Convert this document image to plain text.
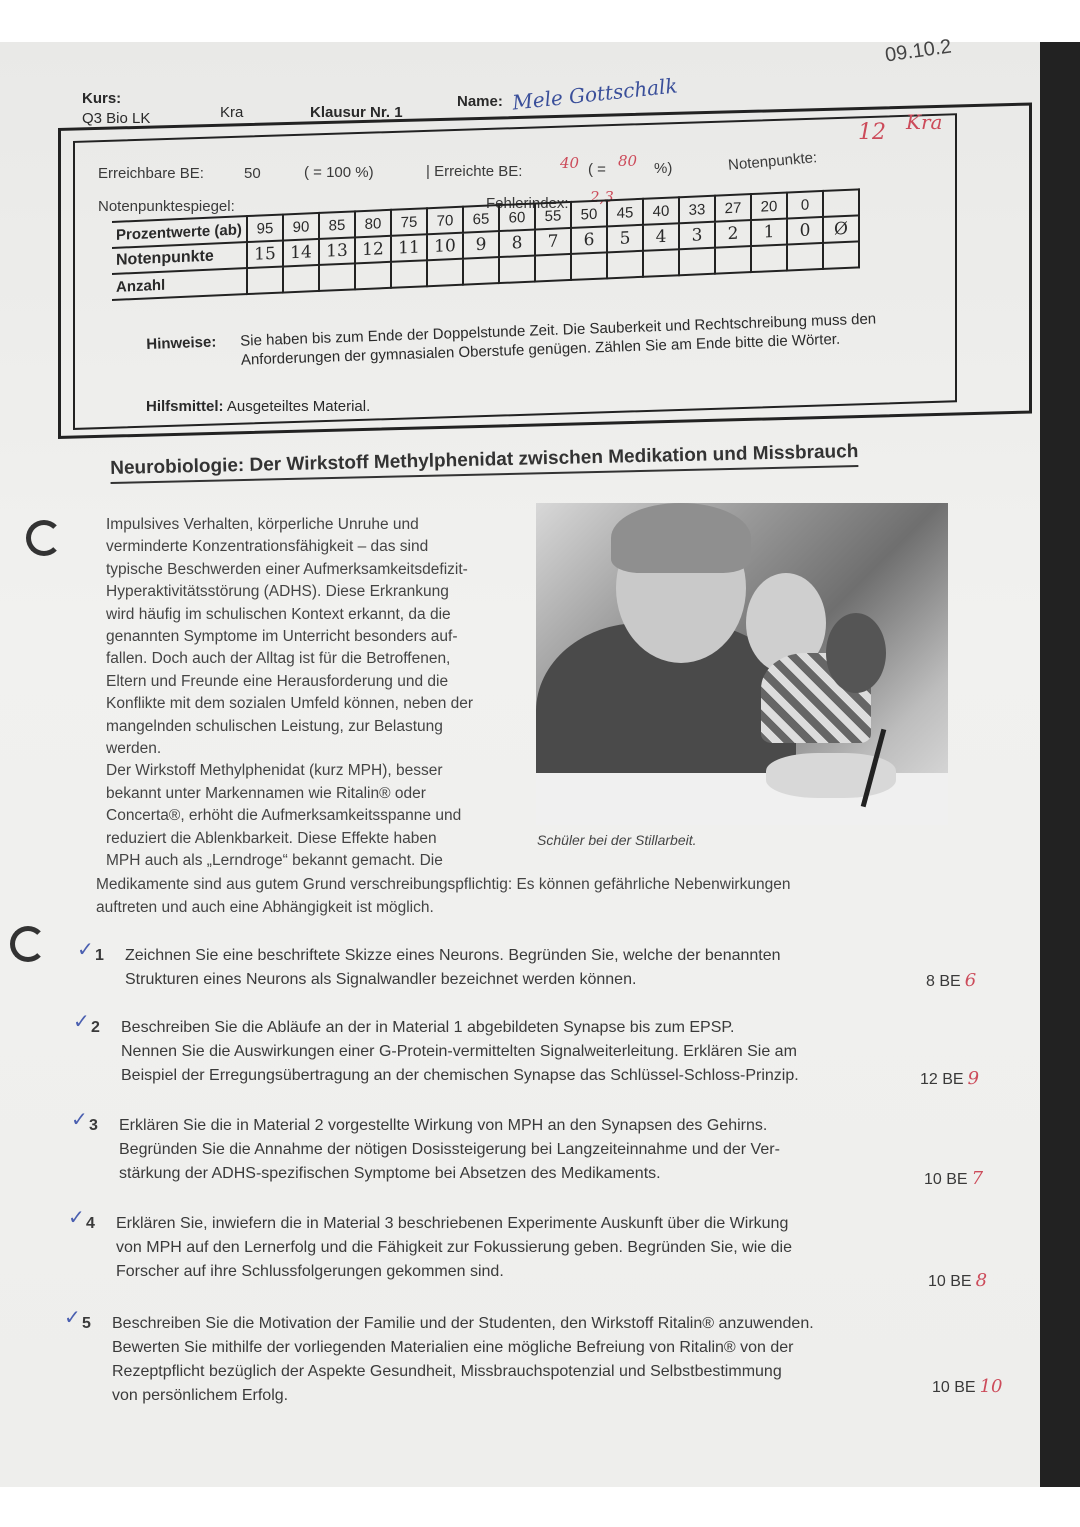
09.10.2
Kurs:
Q3 Bio LK	Kra	Klausur Nr. 1
Name: Mele Gottschalk
Erreichbare BE:	50	( = 100 %)	| Erreichte BE:	40 ( = 80 %)	Notenpunkte:
12 Kra
Notenpunktespiegel:	Fehlerindex: 2,3
Prozentwerte (ab)	95	90	85	80	75	70	65	60	55	50	45	40	33	27	20	0	
Notenpunkte	15	14	13	12	11	10	9	8	7	6	5	4	3	2	1	0	Ø
Anzahl																	
Hinweise: Sie haben bis zum Ende der Doppelstunde Zeit. Die Sauberkeit und Rechtschreibung muss den Anforderungen der gymnasialen Oberstufe genügen. Zählen Sie am Ende bitte die Wörter.
Hilfsmittel: Ausgeteiltes Material.
Neurobiologie: Der Wirkstoff Methylphenidat zwischen Medikation und Missbrauch
Impulsives Verhalten, körperliche Unruhe und
verminderte Konzentrationsfähigkeit – das sind
typische Beschwerden einer Aufmerksamkeitsdefizit-
Hyperaktivitätsstörung (ADHS). Diese Erkrankung
wird häufig im schulischen Kontext erkannt, da die
genannten Symptome im Unterricht besonders auf-
fallen. Doch auch der Alltag ist für die Betroffenen,
Eltern und Freunde eine Herausforderung und die
Konflikte mit dem sozialen Umfeld können, neben der
mangelnden schulischen Leistung, zur Belastung
werden.
Der Wirkstoff Methylphenidat (kurz MPH), besser
bekannt unter Markennamen wie Ritalin® oder
Concerta®, erhöht die Aufmerksamkeitsspanne und
reduziert die Ablenkbarkeit. Diese Effekte haben
MPH auch als „Lerndroge“ bekannt gemacht. Die
Schüler bei der Stillarbeit.
Medikamente sind aus gutem Grund verschreibungspflichtig: Es können gefährliche Nebenwirkungen
auftreten und auch eine Abhängigkeit ist möglich.
✓ 1 Zeichnen Sie eine beschriftete Skizze eines Neurons. Begründen Sie, welche der benannten

Strukturen eines Neurons als Signalwandler bezeichnet werden können.	8 BE 6
✓ 2 Beschreiben Sie die Abläufe an der in Material 1 abgebildeten Synapse bis zum EPSP.

Nennen Sie die Auswirkungen einer G-Protein-vermittelten Signalweiterleitung. Erklären Sie am

Beispiel der Erregungsübertragung an der chemischen Synapse das Schlüssel-Schloss-Prinzip.	12 BE 9
✓ 3 Erklären Sie die in Material 2 vorgestellte Wirkung von MPH an den Synapsen des Gehirns.

Begründen Sie die Annahme der nötigen Dosissteigerung bei Langzeiteinnahme und der Ver-

stärkung der ADHS-spezifischen Symptome bei Absetzen des Medikaments.	10 BE 7
✓ 4 Erklären Sie, inwiefern die in Material 3 beschriebenen Experimente Auskunft über die Wirkung

von MPH auf den Lernerfolg und die Fähigkeit zur Fokussierung geben. Begründen Sie, wie die

Forscher auf ihre Schlussfolgerungen gekommen sind.

10 BE 8
✓ 5 Beschreiben Sie die Motivation der Familie und der Studenten, den Wirkstoff Ritalin® anzuwenden.

Bewerten Sie mithilfe der vorliegenden Materialien eine mögliche Befreiung von Ritalin® von der

Rezeptpflicht bezüglich der Aspekte Gesundheit, Missbrauchspotenzial und Selbstbestimmung

von persönlichem Erfolg.	10 BE 10
